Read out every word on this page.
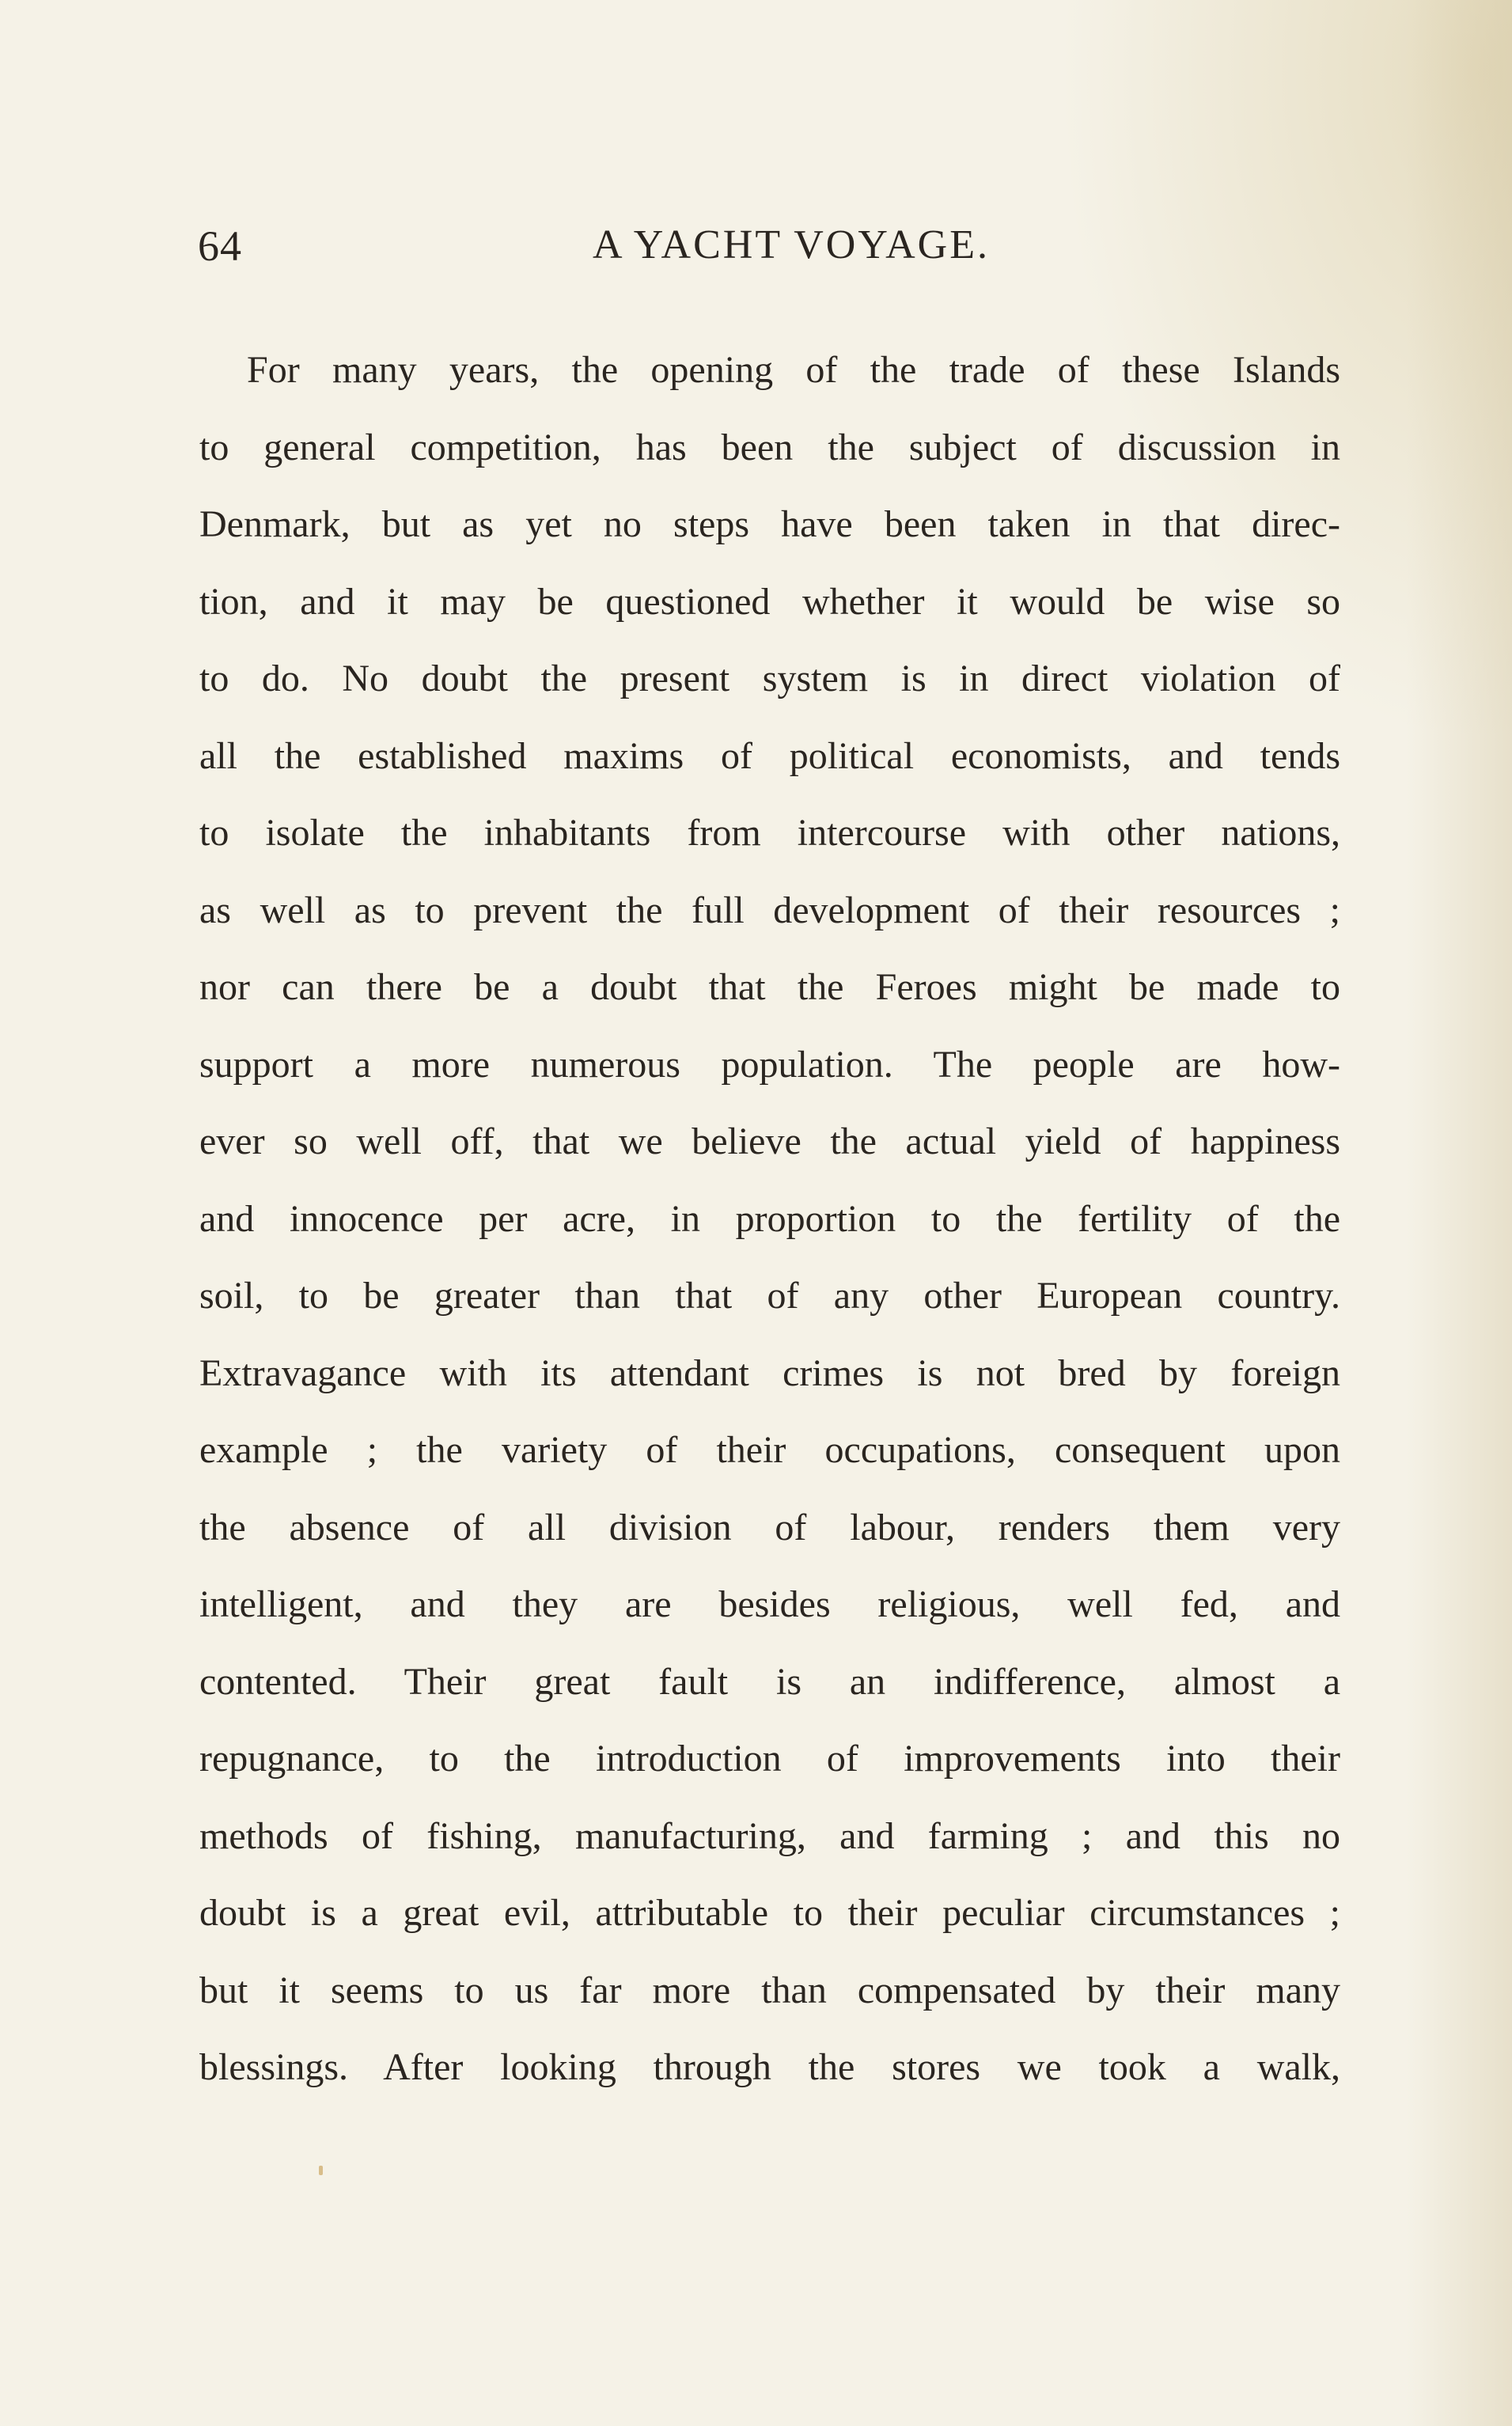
64	A YACHT VOYAGE.
For many years, the opening of the trade of these Islands
to general competition, has been the subject of discussion in
Denmark, but as yet no steps have been taken in that direc-
tion, and it may be questioned whether it would be wise so
to do. No doubt the present system is in direct violation of
all the established maxims of political economists, and tends
to isolate the inhabitants from intercourse with other nations,
as well as to prevent the full development of their resources ;
nor can there be a doubt that the Feroes might be made to
support a more numerous population. The people are how-
ever so well off, that we believe the actual yield of happiness
and innocence per acre, in proportion to the fertility of the
soil, to be greater than that of any other European country.
Extravagance with its attendant crimes is not bred by foreign
example ; the variety of their occupations, consequent upon
the absence of all division of labour, renders them very
intelligent, and they are besides religious, well fed, and
contented. Their great fault is an indifference, almost a
repugnance, to the introduction of improvements into their
methods of fishing, manufacturing, and farming ; and this no
doubt is a great evil, attributable to their peculiar circumstances ;
but it seems to us far more than compensated by their many
blessings. After looking through the stores we took a walk,
